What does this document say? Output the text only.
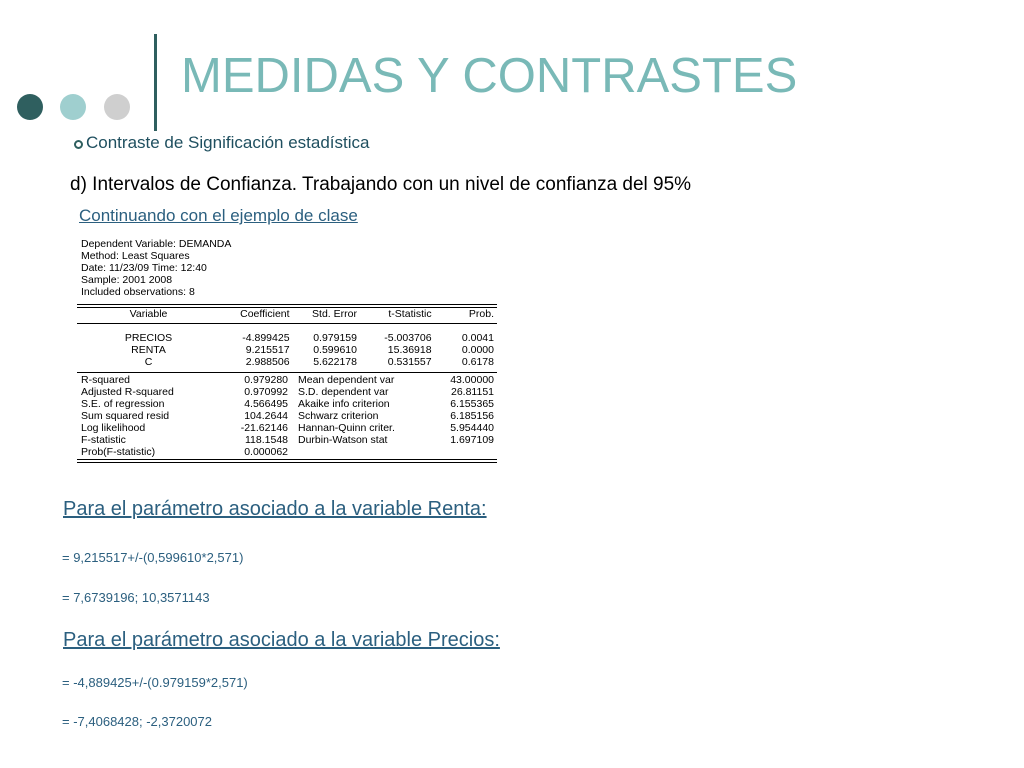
MEDIDAS Y CONTRASTES
Contraste de Significación estadística
d) Intervalos de Confianza. Trabajando con un nivel de confianza del 95%
Continuando con el ejemplo de clase
Dependent Variable: DEMANDA
Method: Least Squares
Date: 11/23/09 Time: 12:40
Sample: 2001 2008
Included observations: 8
Variable	Coefficient	Std. Error	t-Statistic	Prob.
PRECIOS	-4.899425	0.979159	-5.003706	0.0041
RENTA	9.215517	0.599610	15.36918	0.0000
C	2.988506	5.622178	0.531557	0.6178
R-squared	0.979280	Mean dependent var	43.00000
Adjusted R-squared	0.970992	S.D. dependent var	26.81151
S.E. of regression	4.566495	Akaike info criterion	6.155365
Sum squared resid	104.2644	Schwarz criterion	6.185156
Log likelihood	-21.62146	Hannan-Quinn criter.	5.954440
F-statistic	118.1548	Durbin-Watson stat	1.697109
Prob(F-statistic)	0.000062		
Para el parámetro asociado a la variable Renta:
= 9,215517+/-(0,599610*2,571)
= 7,6739196; 10,3571143
Para el parámetro asociado a la variable Precios:
= -4,889425+/-(0.979159*2,571)
= -7,4068428; -2,3720072
